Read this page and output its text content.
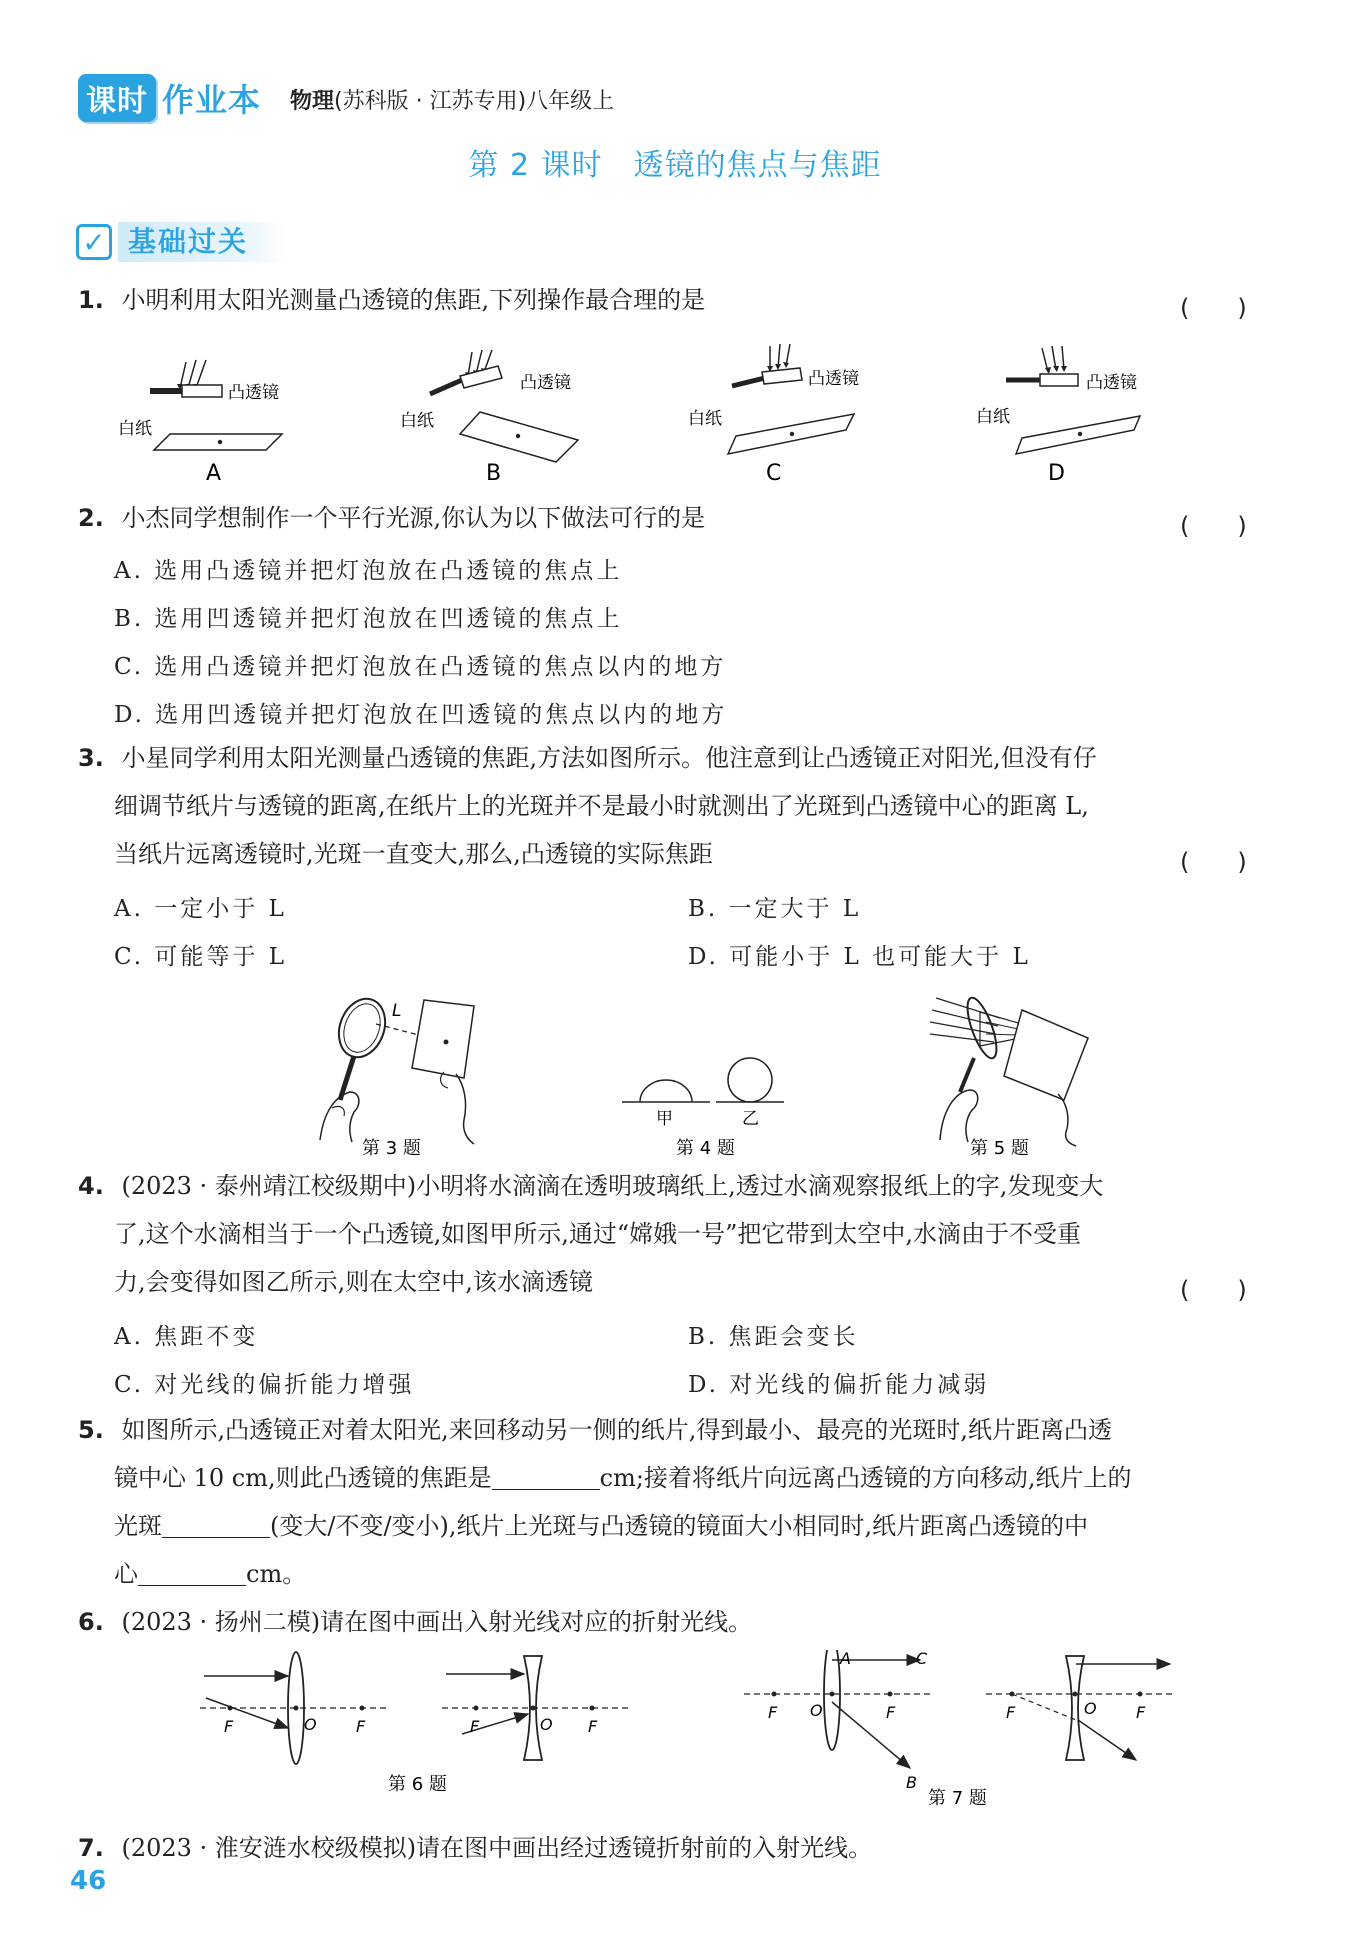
课时 作业本 物理(苏科版 · 江苏专用)八年级上
第 2 课时　透镜的焦点与焦距
✓ 基础过关
1. 小明利用太阳光测量凸透镜的焦距,下列操作最合理的是	(　　)
凸透镜
白纸
A
凸透镜
白纸
B
凸透镜
白纸
C
凸透镜
白纸
D
2. 小杰同学想制作一个平行光源,你认为以下做法可行的是	(　　)
A. 选用凸透镜并把灯泡放在凸透镜的焦点上
B. 选用凹透镜并把灯泡放在凹透镜的焦点上
C. 选用凸透镜并把灯泡放在凸透镜的焦点以内的地方
D. 选用凹透镜并把灯泡放在凹透镜的焦点以内的地方
3. 小星同学利用太阳光测量凸透镜的焦距,方法如图所示。他注意到让凸透镜正对阳光,但没有仔
细调节纸片与透镜的距离,在纸片上的光斑并不是最小时就测出了光斑到凸透镜中心的距离 L,
当纸片远离透镜时,光斑一直变大,那么,凸透镜的实际焦距	(　　)
A. 一定小于 L	B. 一定大于 L
C. 可能等于 L	D. 可能小于 L 也可能大于 L
L
第 3 题
甲	乙
第 4 题	第 5 题
4. (2023 · 泰州靖江校级期中)小明将水滴滴在透明玻璃纸上,透过水滴观察报纸上的字,发现变大
了,这个水滴相当于一个凸透镜,如图甲所示,通过“嫦娥一号”把它带到太空中,水滴由于不受重
力,会变得如图乙所示,则在太空中,该水滴透镜	(　　)
A. 焦距不变	B. 焦距会变长
C. 对光线的偏折能力增强	D. 对光线的偏折能力减弱
5. 如图所示,凸透镜正对着太阳光,来回移动另一侧的纸片,得到最小、最亮的光斑时,纸片距离凸透
镜中心 10 cm,则此凸透镜的焦距是	cm;接着将纸片向远离凸透镜的方向移动,纸片上的
光斑	(变大/不变/变小),纸片上光斑与凸透镜的镜面大小相同时,纸片距离凸透镜的中
心	cm。
6. (2023 · 扬州二模)请在图中画出入射光线对应的折射光线。
F	O F	F	O F
第 6 题
A	C
F O	F
B
F	O F
第 7 题
7. (2023 · 淮安涟水校级模拟)请在图中画出经过透镜折射前的入射光线。
46
